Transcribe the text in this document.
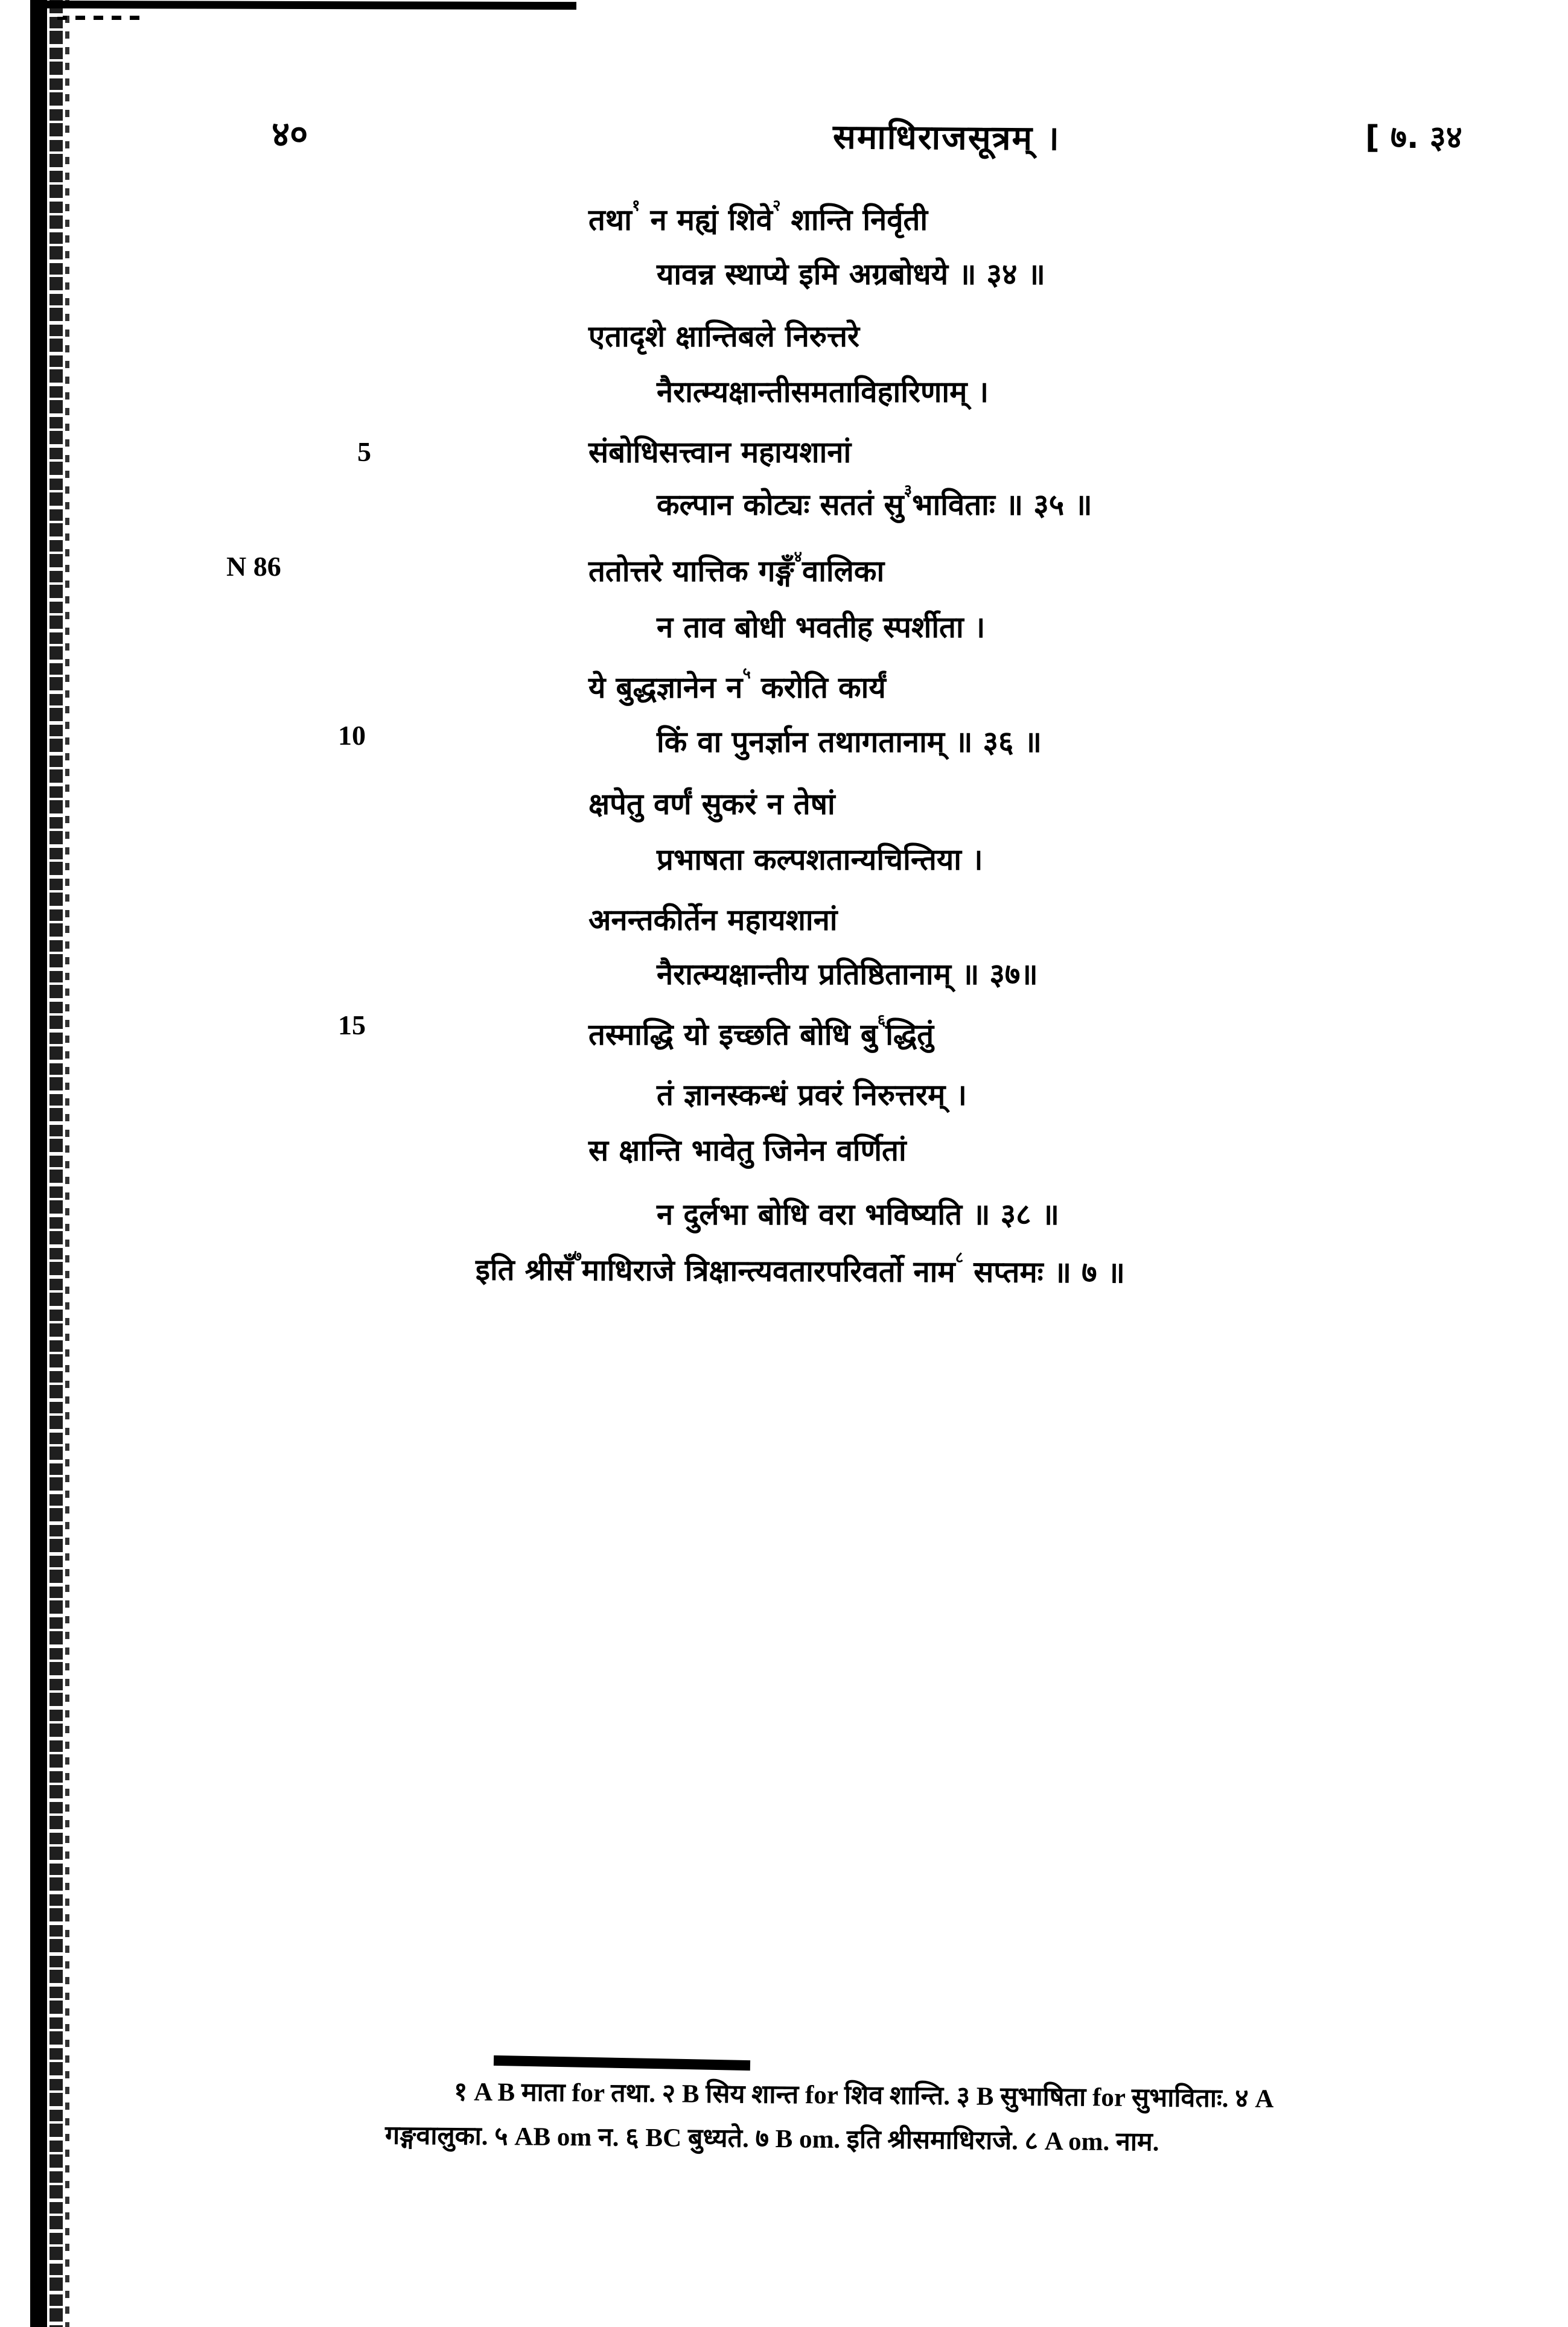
४०	समाधिराजसूत्रम् ।	[ ७. ३४
5
N 86
10
15
तथा$^१$ न मह्यं शिवे$^२$ शान्ति निर्वृती
यावन्न स्थाप्ये इमि अग्रबोधये ॥ ३४ ॥
एतादृशे क्षान्तिबले निरुत्तरे
नैरात्म्यक्षान्तीसमताविहारिणाम् ।
संबोधिसत्त्वान महायशानां
कल्पान कोट्यः सततं सु$^३$भाविताः ॥ ३५ ॥
ततोत्तरे यात्तिक गङ्गँ$^४$वालिका
न ताव बोधी भवतीह स्पर्शीता ।
ये बुद्धज्ञानेन न$^५$ करोति कार्यं
किं वा पुनर्ज्ञान तथागतानाम् ॥ ३६ ॥
क्षपेतु वर्णं सुकरं न तेषां
प्रभाषता कल्पशतान्यचिन्तिया ।
अनन्तकीर्तेन महायशानां
नैरात्म्यक्षान्तीय प्रतिष्ठितानाम् ॥ ३७॥
तस्माद्धि यो इच्छति बोधि बु$^६$द्धितुं
तं ज्ञानस्कन्धं प्रवरं निरुत्तरम् ।
स क्षान्ति भावेतु जिनेन वर्णितां
न दुर्लभा बोधि वरा भविष्यति ॥ ३८ ॥
इति श्रीसँ$^७$माधिराजे त्रिक्षान्त्यवतारपरिवर्तो नाम$^८$ सप्तमः ॥ ७ ॥
१ A B माता for तथा. २ B सिय शान्त for शिव शान्ति. ३ B सुभाषिता for सुभाविताः. ४ A
गङ्गवालुका. ५ AB om न. ६ BC बुध्यते. ७ B om. इति श्रीसमाधिराजे. ८ A om. नाम.
